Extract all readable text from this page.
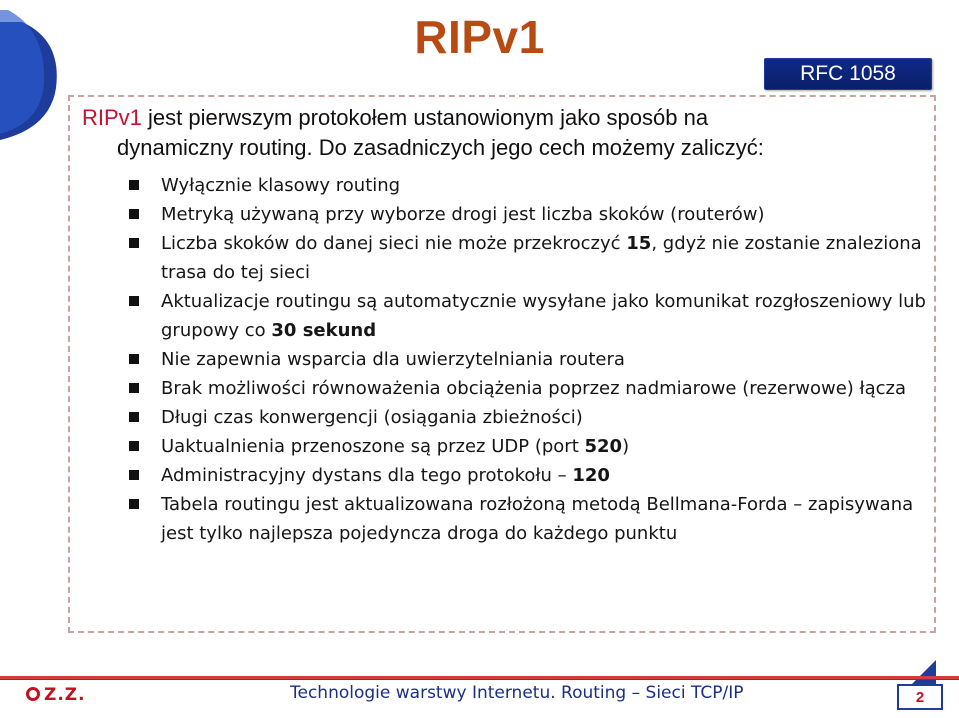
RIPv1
RFC 1058
RIPv1 jest pierwszym protokołem ustanowionym jako sposób na
dynamiczny routing. Do zasadniczych jego cech możemy zaliczyć:
Wyłącznie klasowy routing
Metryką używaną przy wyborze drogi jest liczba skoków (routerów)
Liczba skoków do danej sieci nie może przekroczyć 15, gdyż nie zostanie znaleziona trasa do tej sieci
Aktualizacje routingu są automatycznie wysyłane jako komunikat rozgłoszeniowy lub grupowy co 30 sekund
Nie zapewnia wsparcia dla uwierzytelniania routera
Brak możliwości równoważenia obciążenia poprzez nadmiarowe (rezerwowe) łącza
Długi czas konwergencji (osiągania zbieżności)
Uaktualnienia przenoszone są przez UDP (port 520)
Administracyjny dystans dla tego protokołu – 120
Tabela routingu jest aktualizowana rozłożoną metodą Bellmana-Forda – zapisywana jest tylko najlepsza pojedyncza droga do każdego punktu
Z.Z.	Technologie warstwy Internetu. Routing – Sieci TCP/IP	2
